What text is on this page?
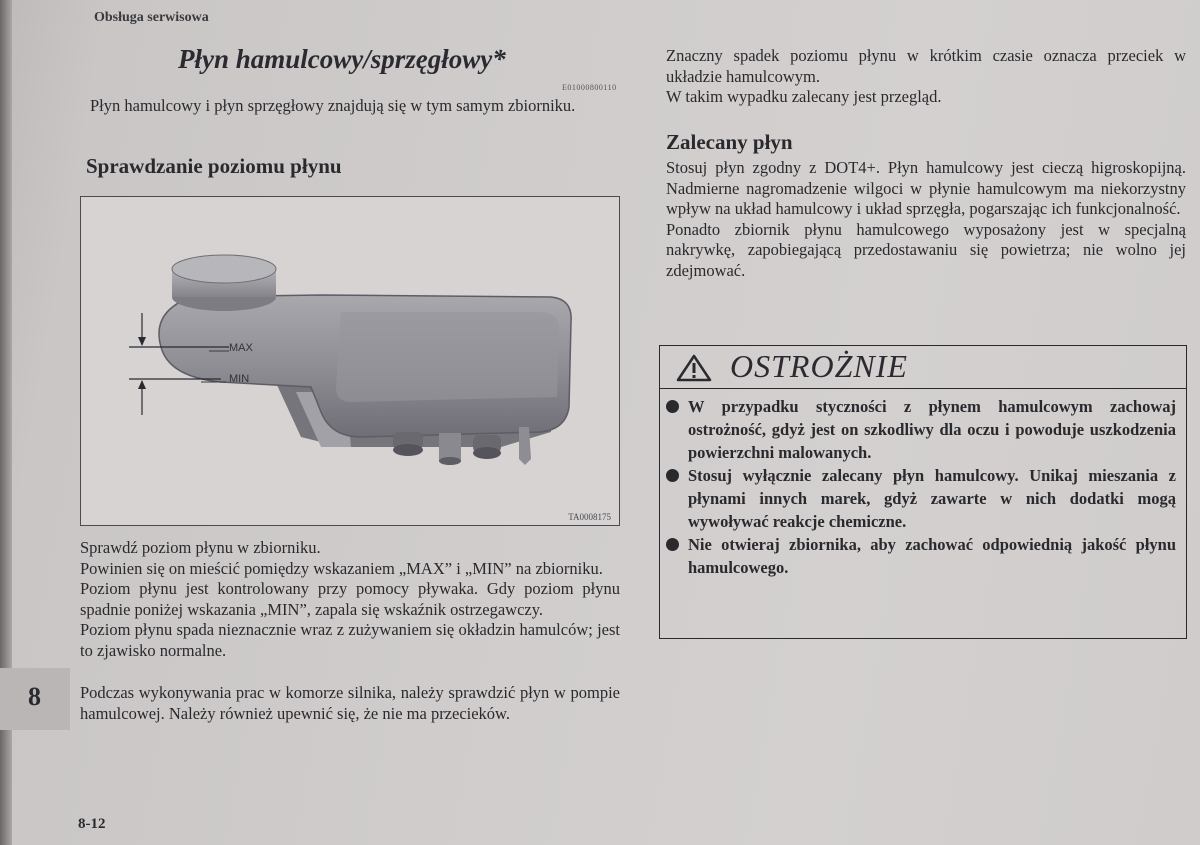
Obsługa serwisowa
Płyn hamulcowy/sprzęgłowy*
E01000800110
Płyn hamulcowy i płyn sprzęgłowy znajdują się w tym samym zbiorniku.
Sprawdzanie poziomu płynu
MAX
MIN
TA0008175

Sprawdź poziom płynu w zbiorniku.

Powinien się on mieścić pomiędzy wskazaniem „MAX” i „MIN” na zbiorniku.

Poziom płynu jest kontrolowany przy pomocy pływaka. Gdy poziom płynu spadnie poniżej wskazania „MIN”, zapala się wskaźnik ostrzegawczy.

Poziom płynu spada nieznacznie wraz z zużywaniem się okładzin hamulców; jest to zjawisko normalne.

Podczas wykonywania prac w komorze silnika, należy sprawdzić płyn w pompie hamulcowej. Należy również upewnić się, że nie ma przecieków.

8
8-12

Znaczny spadek poziomu płynu w krótkim czasie oznacza przeciek w układzie hamulcowym.

W takim wypadku zalecany jest przegląd.

Zalecany płyn

Stosuj płyn zgodny z DOT4+. Płyn hamulcowy jest cieczą higroskopijną. Nadmierne nagromadzenie wilgoci w płynie hamulcowym ma niekorzystny wpływ na układ hamulcowy i układ sprzęgła, pogarszając ich funkcjonalność.

Ponadto zbiornik płynu hamulcowego wyposażony jest w specjalną nakrywkę, zapobiegającą przedostawaniu się powietrza; nie wolno jej zdejmować.

OSTROŻNIE
W przypadku styczności z płynem hamulcowym zachowaj ostrożność, gdyż jest on szkodliwy dla oczu i powoduje uszkodzenia powierzchni malowanych.
Stosuj wyłącznie zalecany płyn hamulcowy. Unikaj mieszania z płynami innych marek, gdyż zawarte w nich dodatki mogą wywoływać reakcje chemiczne.
Nie otwieraj zbiornika, aby zachować odpowiednią jakość płynu hamulcowego.
